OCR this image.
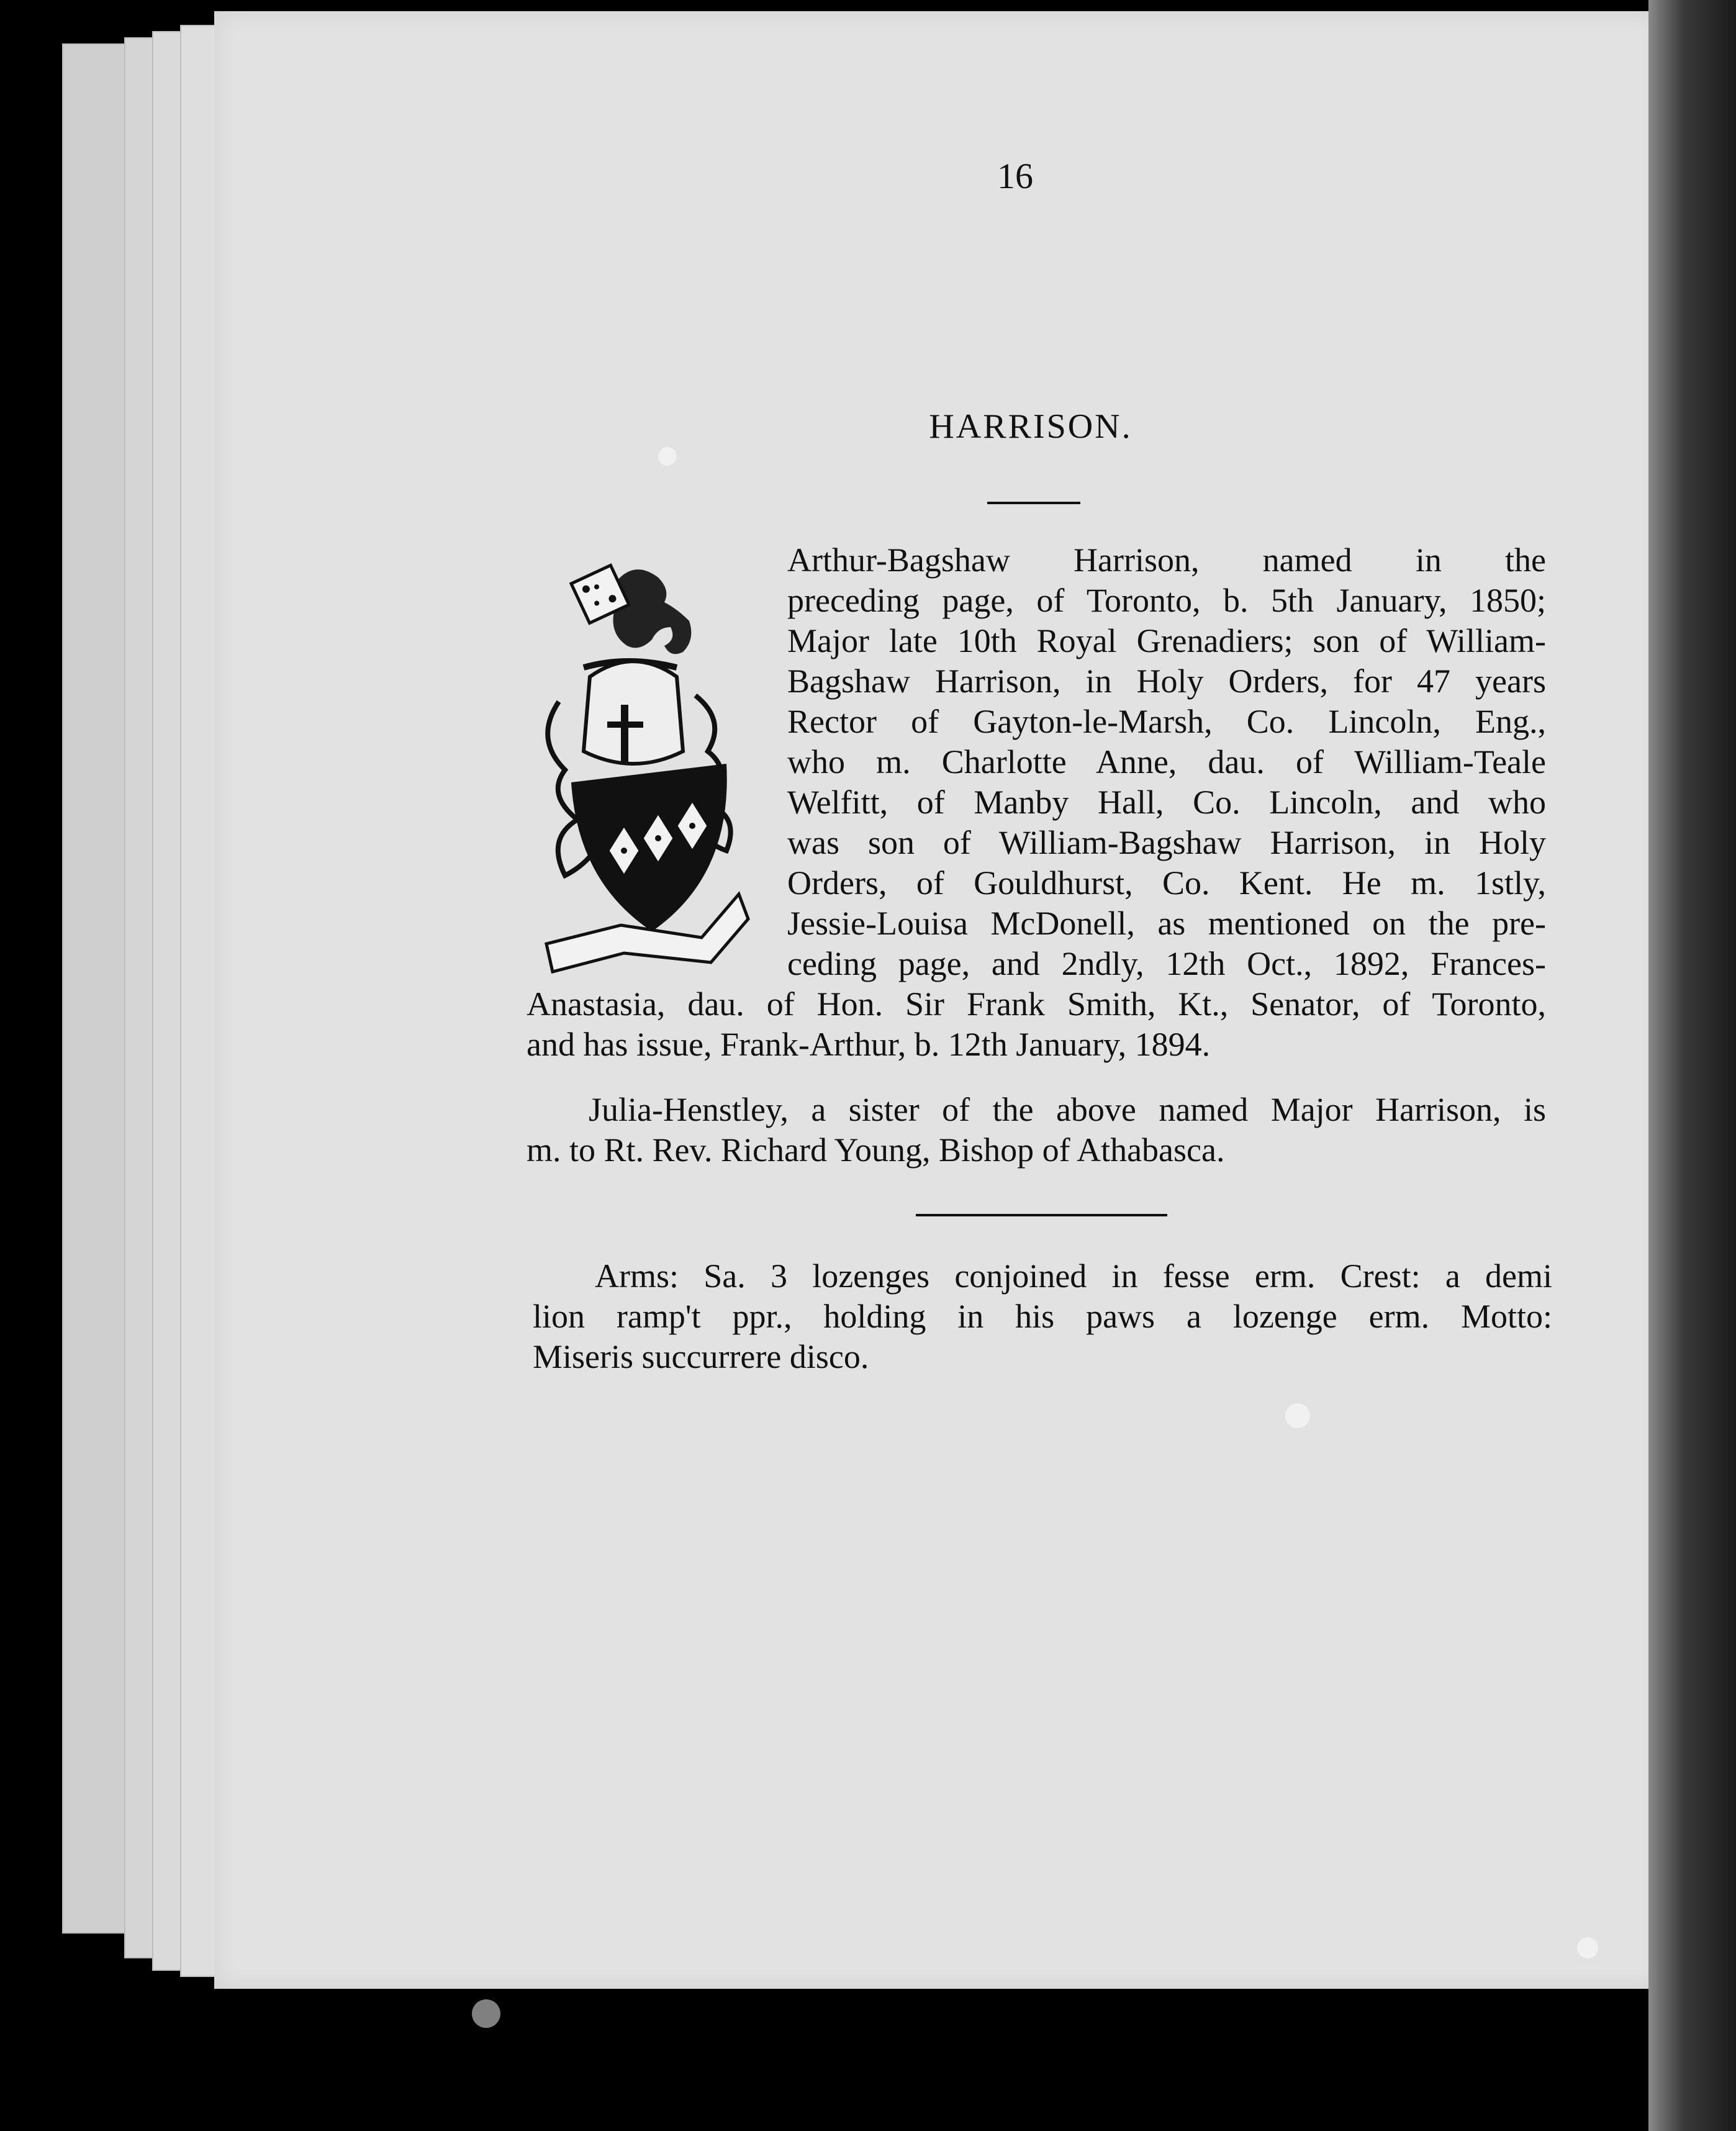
16
HARRISON.

Arthur-Bagshaw Harrison, named in the
preceding page, of Toronto, b. 5th January, 1850;
Major late 10th Royal Grenadiers; son of William-
Bagshaw Harrison, in Holy Orders, for 47 years
Rector of Gayton-le-Marsh, Co. Lincoln, Eng.,
who m. Charlotte Anne, dau. of William-Teale
Welfitt, of Manby Hall, Co. Lincoln, and who
was son of William-Bagshaw Harrison, in Holy
Orders, of Gouldhurst, Co. Kent. He m. 1stly,
Jessie-Louisa McDonell, as mentioned on the pre-
ceding page, and 2ndly, 12th Oct., 1892, Frances-

Anastasia, dau. of Hon. Sir Frank Smith, Kt., Senator, of Toronto,
and has issue, Frank-Arthur, b. 12th January, 1894.

Julia-Henstley, a sister of the above named Major Harrison, is
m. to Rt. Rev. Richard Young, Bishop of Athabasca.

Arms: Sa. 3 lozenges conjoined in fesse erm. Crest: a demi
lion ramp't ppr., holding in his paws a lozenge erm. Motto:
Miseris succurrere disco.
